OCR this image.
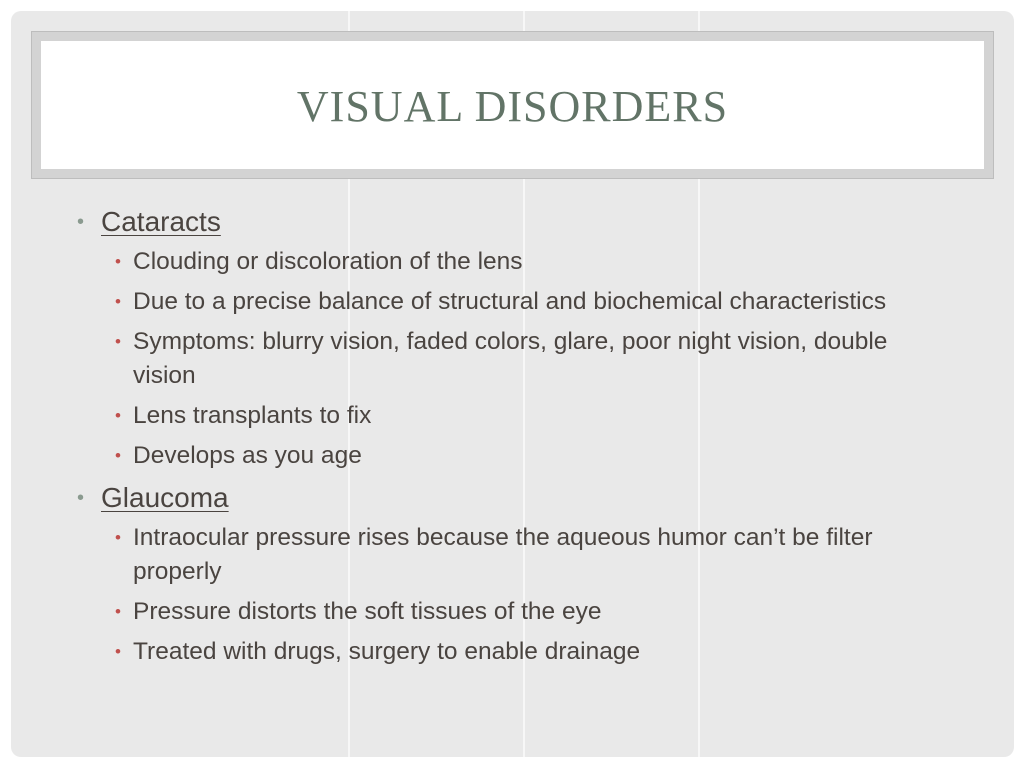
VISUAL DISORDERS
• Cataracts
• Clouding or discoloration of the lens
• Due to a precise balance of structural and biochemical characteristics
• Symptoms: blurry vision, faded colors, glare, poor night vision, double vision
• Lens transplants to fix
• Develops as you age
• Glaucoma
• Intraocular pressure rises because the aqueous humor can’t be filter properly
• Pressure distorts the soft tissues of the eye
• Treated with drugs, surgery to enable drainage
